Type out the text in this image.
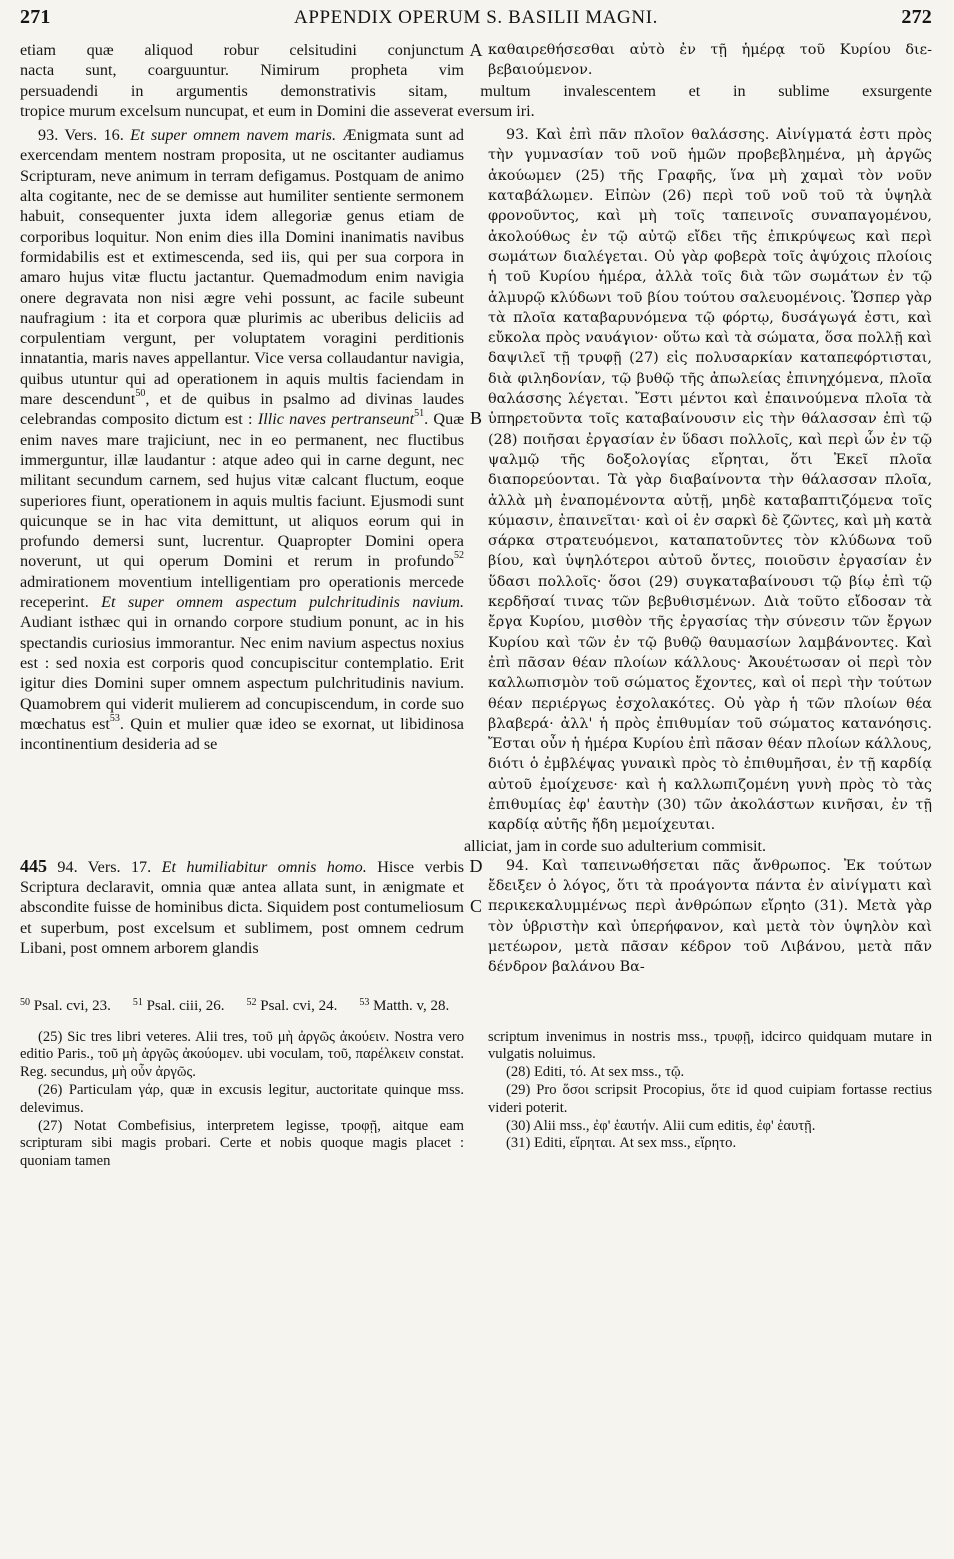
271	APPENDIX OPERUM S. BASILII MAGNI.	272
etiam quæ aliquod robur celsitudini conjunctum
nacta sunt, coarguuntur. Nimirum propheta vim
A καθαιρεθήσεσθαι αὐτὸ ἐν τῇ ἡμέρᾳ τοῦ Κυρίου διε-
βεβαιούμενον.
persuadendi in argumentis demonstrativis sitam, multum invalescentem et in sublime exsurgente
tropice murum excelsum nuncupat, et eum in Domini die asseverat eversum iri.

93. Vers. 16. Et super omnem navem maris. Ænigmata sunt ad exercendam mentem nostram proposita, ut ne oscitanter audiamus Scripturam, neve animum in terram defigamus. Postquam de animo alta cogitante, nec de se demisse aut humiliter sentiente sermonem habuit, consequenter juxta idem allegoriæ genus etiam de corporibus loquitur. Non enim dies illa Domini inanimatis navibus formidabilis est et extimescenda, sed iis, qui per sua corpora in amaro hujus vitæ fluctu jactantur. Quemadmodum enim navigia onere degravata non nisi ægre vehi possunt, ac facile subeunt naufragium : ita et corpora quæ plurimis ac uberibus deliciis ad corpulentiam vergunt, per voluptatem voragini perditionis innatantia, maris naves appellantur. Vice versa collaudantur navigia, quibus utuntur qui ad operationem in aquis multis faciendam in mare descendunt$^{50}$, et de quibus in psalmo ad divinas laudes celebrandas composito dictum est : Illic naves pertranseunt$^{51}$. Quæ enim naves mare trajiciunt, nec in eo permanent, nec fluctibus immerguntur, illæ laudantur : atque adeo qui in carne degunt, nec militant secundum carnem, sed hujus vitæ calcant fluctum, eoque superiores fiunt, operationem in aquis multis faciunt. Ejusmodi sunt quicunque se in hac vita demittunt, ut aliquos eorum qui in profundo demersi sunt, lucrentur. Quapropter Domini opera noverunt, ut qui operum Domini et rerum in profundo$^{52}$ admirationem moventium intelligentiam pro operationis mercede receperint. Et super omnem aspectum pulchritudinis navium. Audiant isthæc qui in ornando corpore studium ponunt, ac in his spectandis curiosius immorantur. Nec enim navium aspectus noxius est : sed noxia est corporis quod concupiscitur contemplatio. Erit igitur dies Domini super omnem aspectum pulchritudinis navium. Quamobrem qui viderit mulierem ad concupiscendum, in corde suo mœchatus est$^{53}$. Quin et mulier quæ ideo se exornat, ut libidinosa incontinentium desideria ad se

B
C

93. Καὶ ἐπὶ πᾶν πλοῖον θαλάσσης. Αἰνίγματά ἐστι πρὸς τὴν γυμνασίαν τοῦ νοῦ ἡμῶν προβεβλημένα, μὴ ἀργῶς ἀκούωμεν (25) τῆς Γραφῆς, ἵνα μὴ χαμαὶ τὸν νοῦν καταβάλωμεν. Εἰπὼν (26) περὶ τοῦ νοῦ τοῦ τὰ ὑψηλὰ φρονοῦντος, καὶ μὴ τοῖς ταπεινοῖς συναπαγομένου, ἀκολούθως ἐν τῷ αὐτῷ εἴδει τῆς ἐπικρύψεως καὶ περὶ σωμάτων διαλέγεται. Οὐ γὰρ φοβερὰ τοῖς ἀψύχοις πλοίοις ἡ τοῦ Κυρίου ἡμέρα, ἀλλὰ τοῖς διὰ τῶν σωμάτων ἐν τῷ ἁλμυρῷ κλύδωνι τοῦ βίου τούτου σαλευομένοις. Ὥσπερ γὰρ τὰ πλοῖα καταβαρυνόμενα τῷ φόρτῳ, δυσάγωγά ἐστι, καὶ εὔκολα πρὸς ναυάγιον· οὕτω καὶ τὰ σώματα, ὅσα πολλῇ καὶ δαψιλεῖ τῇ τρυφῇ (27) εἰς πολυσαρκίαν καταπεφόρτισται, διὰ φιληδονίαν, τῷ βυθῷ τῆς ἀπωλείας ἐπινηχόμενα, πλοῖα θαλάσσης λέγεται. Ἔστι μέντοι καὶ ἐπαινούμενα πλοῖα τὰ ὑπηρετοῦντα τοῖς καταβαίνουσιν εἰς τὴν θάλασσαν ἐπὶ τῷ (28) ποιῆσαι ἐργασίαν ἐν ὕδασι πολλοῖς, καὶ περὶ ὧν ἐν τῷ ψαλμῷ τῆς δοξολογίας εἴρηται, ὅτι Ἐκεῖ πλοῖα διαπορεύονται. Τὰ γὰρ διαβαίνοντα τὴν θάλασσαν πλοῖα, ἀλλὰ μὴ ἐναπομένοντα αὐτῇ, μηδὲ καταβαπτιζόμενα τοῖς κύμασιν, ἐπαινεῖται· καὶ οἱ ἐν σαρκὶ δὲ ζῶντες, καὶ μὴ κατὰ σάρκα στρατευόμενοι, καταπατοῦντες τὸν κλύδωνα τοῦ βίου, καὶ ὑψηλότεροι αὐτοῦ ὄντες, ποιοῦσιν ἐργασίαν ἐν ὕδασι πολλοῖς· ὅσοι (29) συγκαταβαίνουσι τῷ βίῳ ἐπὶ τῷ κερδῆσαί τινας τῶν βεβυθισμένων. Διὰ τοῦτο εἴδοσαν τὰ ἔργα Κυρίου, μισθὸν τῆς ἐργασίας τὴν σύνεσιν τῶν ἔργων Κυρίου καὶ τῶν ἐν τῷ βυθῷ θαυμασίων λαμβάνοντες. Καὶ ἐπὶ πᾶσαν θέαν πλοίων κάλλους· Ἀκουέτωσαν οἱ περὶ τὸν καλλωπισμὸν τοῦ σώματος ἔχοντες, καὶ οἱ περὶ τὴν τούτων θέαν περιέργως ἐσχολακότες. Οὐ γὰρ ἡ τῶν πλοίων θέα βλαβερά· ἀλλ' ἡ πρὸς ἐπιθυμίαν τοῦ σώματος κατανόησις. Ἔσται οὖν ἡ ἡμέρα Κυρίου ἐπὶ πᾶσαν θέαν πλοίων κάλλους, διότι ὁ ἐμβλέψας γυναικὶ πρὸς τὸ ἐπιθυμῆσαι, ἐν τῇ καρδίᾳ αὐτοῦ ἐμοίχευσε· καὶ ἡ καλλωπιζομένη γυνὴ πρὸς τὸ τὰς ἐπιθυμίας ἐφ' ἑαυτὴν (30) τῶν ἀκολάστων κινῆσαι, ἐν τῇ καρδίᾳ αὐτῆς ἤδη μεμοίχευται.

alliciat, jam in corde suo adulterium commisit.

445 94. Vers. 17. Et humiliabitur omnis homo. Hisce verbis Scriptura declaravit, omnia quæ antea allata sunt, in ænigmate et abscondite fuisse de hominibus dicta. Siquidem post contumeliosum et superbum, post excelsum et sublimem, post omnem cedrum Libani, post omnem arborem glandis

D	94. Καὶ ταπεινωθήσεται πᾶς ἄνθρωπος. Ἐκ τούτων ἔδειξεν ὁ λόγος, ὅτι τὰ προάγοντα πάντα ἐν αἰνίγματι καὶ περικεκαλυμμένως περὶ ἀνθρώπων εἴρηto (31). Μετὰ γὰρ τὸν ὑβριστὴν καὶ ὑπερήφανον, καὶ μετὰ τὸν ὑψηλὸν καὶ μετέωρον, μετὰ πᾶσαν κέδρον τοῦ Λιβάνου, μετὰ πᾶν δένδρον βαλάνου Βα-

$^{50}$ Psal. cvi, 23. $^{51}$ Psal. ciii, 26. $^{52}$ Psal. cvi, 24. $^{53}$ Matth. v, 28.

(25) Sic tres libri veteres. Alii tres, τοῦ μὴ ἀργῶς ἀκούειν. Nostra vero editio Paris., τοῦ μὴ ἀργῶς ἀκούομεν. ubi voculam, τοῦ, παρέλκειν constat. Reg. secundus, μὴ οὖν ἀργῶς.

(26) Particulam γάρ, quæ in excusis legitur, auctoritate quinque mss. delevimus.

(27) Notat Combefisius, interpretem legisse, τροφῇ, aitque eam scripturam sibi magis probari. Certe et nobis quoque magis placet : quoniam tamen

scriptum invenimus in nostris mss., τρυφῇ, idcirco quidquam mutare in vulgatis noluimus.

(28) Editi, τό. At sex mss., τῷ.

(29) Pro ὅσοι scripsit Procopius, ὅτε id quod cuipiam fortasse rectius videri poterit.

(30) Alii mss., ἐφ' ἑαυτήν. Alii cum editis, ἐφ' ἑαυτῇ.

(31) Editi, εἴρηται. At sex mss., εἴρητο.
